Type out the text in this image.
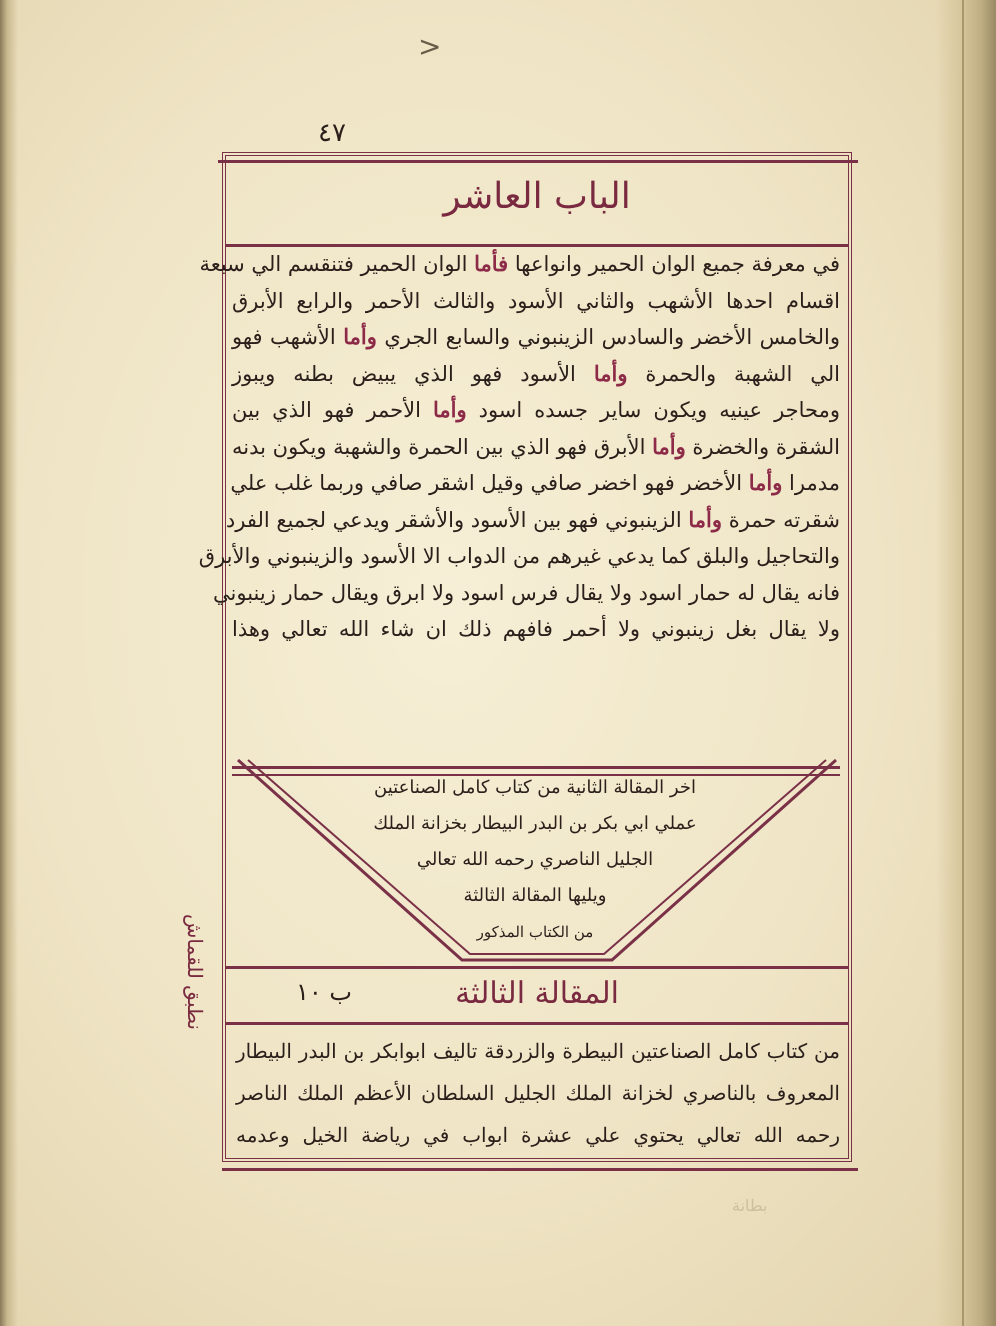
>
٤٧
الباب العاشر
في معرفة جميع الوان الحمير وانواعها فأما الوان الحمير فتنقسم الي سبعة
اقسام احدها الأشهب والثاني الأسود والثالث الأحمر والرابع الأبرق
والخامس الأخضر والسادس الزينبوني والسابع الجري وأما الأشهب فهو
الي الشهبة والحمرة وأما الأسود فهو الذي يبيض بطنه ويبوز
ومحاجر عينيه ويكون ساير جسده اسود وأما الأحمر فهو الذي بين
الشقرة والخضرة وأما الأبرق فهو الذي بين الحمرة والشهبة ويكون بدنه
مدمرا وأما الأخضر فهو اخضر صافي وقيل اشقر صافي وربما غلب علي
شقرته حمرة وأما الزينبوني فهو بين الأسود والأشقر ويدعي لجميع الفرد
والتحاجيل والبلق كما يدعي غيرهم من الدواب الا الأسود والزينبوني والأبرق
فانه يقال له حمار اسود ولا يقال فرس اسود ولا ابرق ويقال حمار زينبوني
ولا يقال بغل زينبوني ولا أحمر فافهم ذلك ان شاء الله تعالي وهذا
اخر المقالة الثانية من كتاب كامل الصناعتين
عملي ابي بكر بن البدر البيطار بخزانة الملك
الجليل الناصري رحمه الله تعالي
ويليها المقالة الثالثة
من الكتاب المذكور
المقالة الثالثة
ب ١٠
من كتاب كامل الصناعتين البيطرة والزردقة تاليف ابوابكر بن البدر البيطار
المعروف بالناصري لخزانة الملك الجليل السلطان الأعظم الملك الناصر
رحمه الله تعالي يحتوي علي عشرة ابواب في رياضة الخيل وعدمه
نطبق للقماش
بطانة
